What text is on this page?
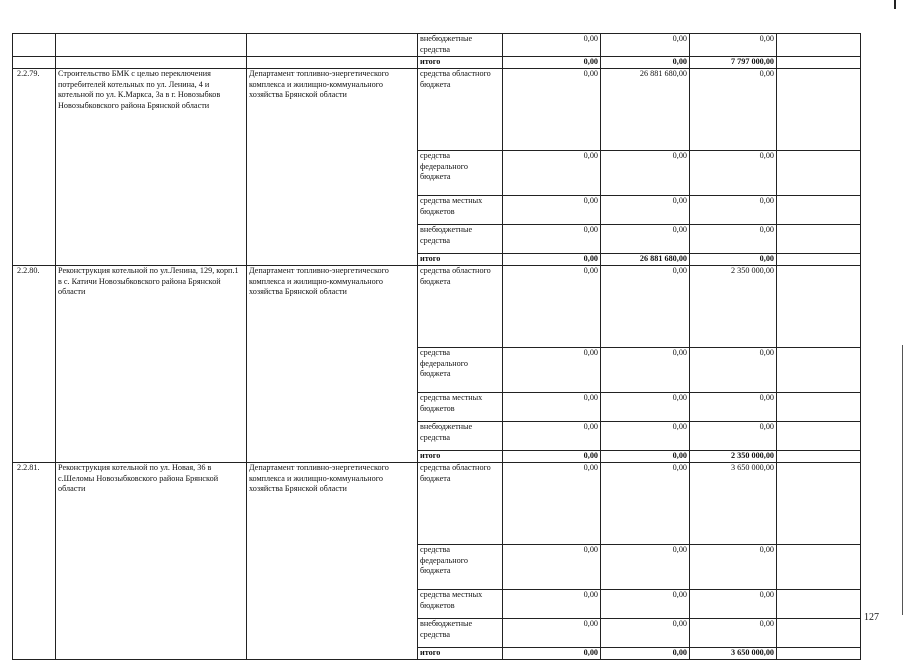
			внебюджетные средства	0,00	0,00	0,00	
			итого	0,00	0,00	7 797 000,00	
2.2.79.	Строительство БМК с целью переключения потребителей котельных по ул. Ленина, 4 и котельной по ул. К.Маркса, 3а в г. Новозыбков Новозыбковского района Брянской области	Департамент топливно-энергетического комплекса и жилищно-коммунального хозяйства Брянской области	средства областного бюджета	0,00	26 881 680,00	0,00	
			средства федерального бюджета	0,00	0,00	0,00	
			средства местных бюджетов	0,00	0,00	0,00	
			внебюджетные средства	0,00	0,00	0,00	
			итого	0,00	26 881 680,00	0,00	
2.2.80.	Реконструкция котельной по ул.Ленина, 129, корп.1 в с. Катичи Новозыбковского района Брянской области	Департамент топливно-энергетического комплекса и жилищно-коммунального хозяйства Брянской области	средства областного бюджета	0,00	0,00	2 350 000,00	
			средства федерального бюджета	0,00	0,00	0,00	
			средства местных бюджетов	0,00	0,00	0,00	
			внебюджетные средства	0,00	0,00	0,00	
			итого	0,00	0,00	2 350 000,00	
2.2.81.	Реконструкция котельной по ул. Новая, 36 в с.Шеломы Новозыбковского района Брянской области	Департамент топливно-энергетического комплекса и жилищно-коммунального хозяйства Брянской области	средства областного бюджета	0,00	0,00	3 650 000,00	
			средства федерального бюджета	0,00	0,00	0,00	
			средства местных бюджетов	0,00	0,00	0,00	
			внебюджетные средства	0,00	0,00	0,00	
			итого	0,00	0,00	3 650 000,00	
127
